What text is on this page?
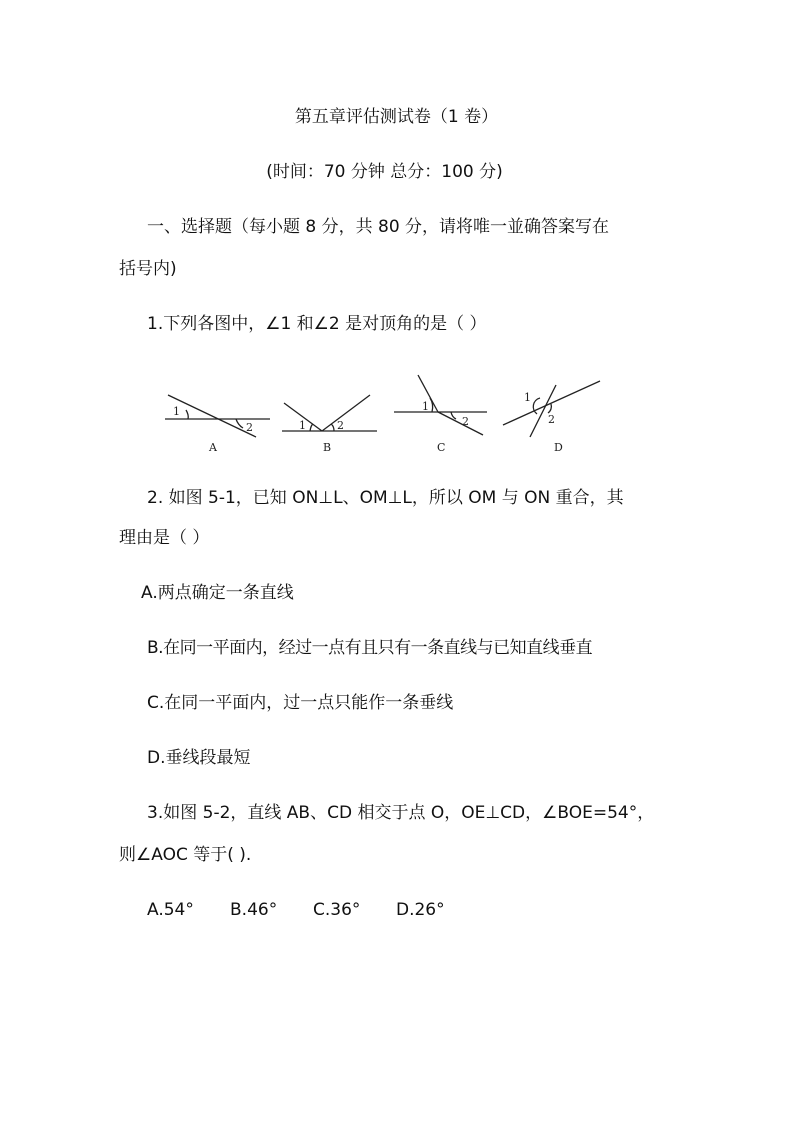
第五章评估测试卷（1 卷）
(时间：70 分钟 总分：100 分)
一、选择题（每小题 8 分，共 80 分，请将唯一並确答案写在
括号内)
1.下列各图中，∠1 和∠2 是对顶角的是（ ）
1
2
A
1	2
B
1
2
C
1
2
D
2. 如图 5-1，已知 ON⊥L、OM⊥L，所以 OM 与 ON 重合，其
理由是（ ）
A.两点确定一条直线
B.在同一平面内，经过一点有且只有一条直线与已知直线垂直
C.在同一平面内，过一点只能作一条垂线
D.垂线段最短
3.如图 5-2，直线 AB、CD 相交于点 O，OE⊥CD，∠BOE=54°，
则∠AOC 等于( ).
A.54° B.46° C.36° D.26°
